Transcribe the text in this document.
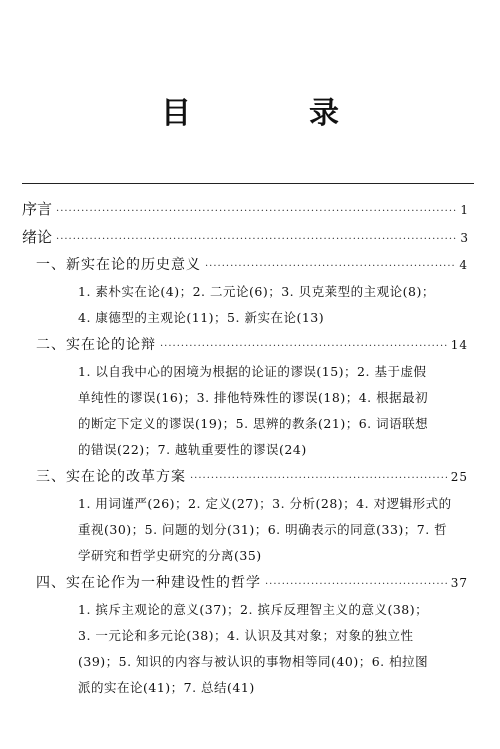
目　录
序言 ·····	1
绪论 ·····	3
一、新实在论的历史意义 ·····	4
1. 素朴实在论(4)；2. 二元论(6)；3. 贝克莱型的主观论(8)；
4. 康德型的主观论(11)；5. 新实在论(13)
二、实在论的论辩 ·····	14
1. 以自我中心的困境为根据的论证的谬误(15)；2. 基于虚假
单纯性的谬误(16)；3. 排他特殊性的谬误(18)；4. 根据最初
的断定下定义的谬误(19)；5. 思辨的教条(21)；6. 词语联想
的错误(22)；7. 越轨重要性的谬误(24)
三、实在论的改革方案 ·····	25
1. 用词谨严(26)；2. 定义(27)；3. 分析(28)；4. 对逻辑形式的
重视(30)；5. 问题的划分(31)；6. 明确表示的同意(33)；7. 哲
学研究和哲学史研究的分离(35)
四、实在论作为一种建设性的哲学 ·····	37
1. 摈斥主观论的意义(37)；2. 摈斥反理智主义的意义(38)；
3. 一元论和多元论(38)；4. 认识及其对象；对象的独立性
(39)；5. 知识的内容与被认识的事物相等同(40)；6. 柏拉图
派的实在论(41)；7. 总结(41)
